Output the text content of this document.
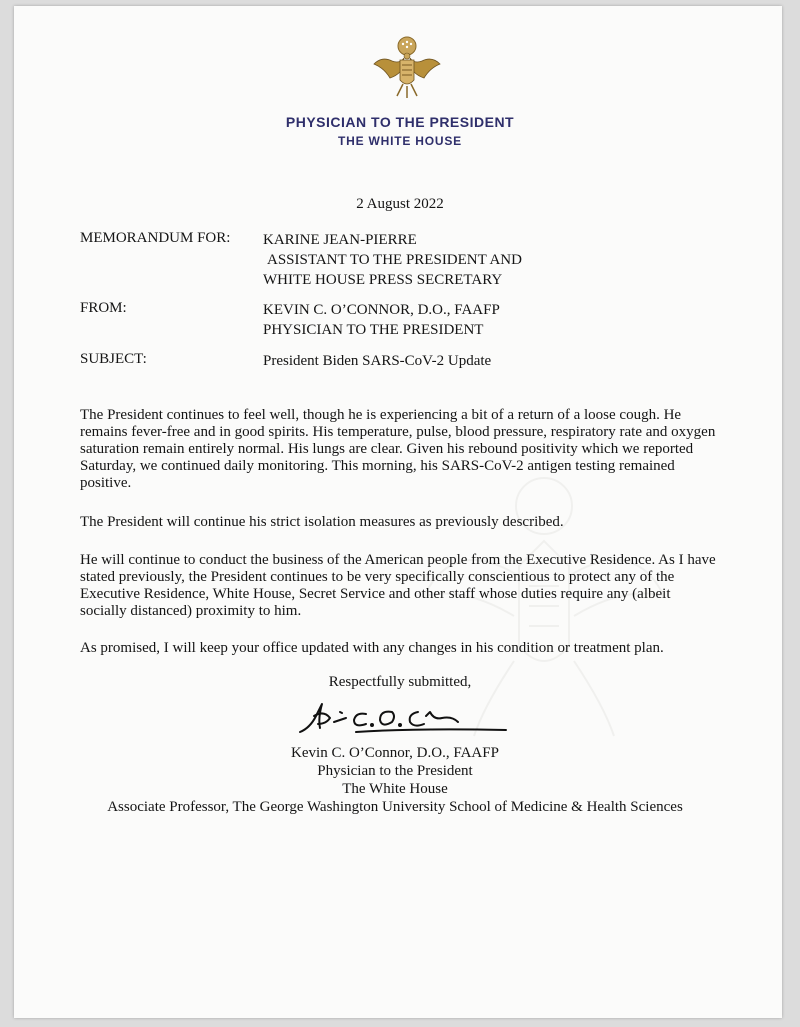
PHYSICIAN TO THE PRESIDENT
THE WHITE HOUSE
2 August 2022
MEMORANDUM FOR: KARINE JEAN-PIERRE
ASSISTANT TO THE PRESIDENT AND
WHITE HOUSE PRESS SECRETARY
FROM:	KEVIN C. O’CONNOR, D.O., FAAFP
PHYSICIAN TO THE PRESIDENT
SUBJECT:	President Biden SARS-CoV-2 Update

The President continues to feel well, though he is experiencing a bit of a return of a loose cough. He remains fever-free and in good spirits. His temperature, pulse, blood pressure, respiratory rate and oxygen saturation remain entirely normal. His lungs are clear. Given his rebound positivity which we reported Saturday, we continued daily monitoring. This morning, his SARS-CoV-2 antigen testing remained positive.

The President will continue his strict isolation measures as previously described.

He will continue to conduct the business of the American people from the Executive Residence. As I have stated previously, the President continues to be very specifically conscientious to protect any of the Executive Residence, White House, Secret Service and other staff whose duties require any (albeit socially distanced) proximity to him.

As promised, I will keep your office updated with any changes in his condition or treatment plan.

Respectfully submitted,
Kevin C. O’Connor, D.O., FAAFP
Physician to the President
The White House
Associate Professor, The George Washington University School of Medicine & Health Sciences
